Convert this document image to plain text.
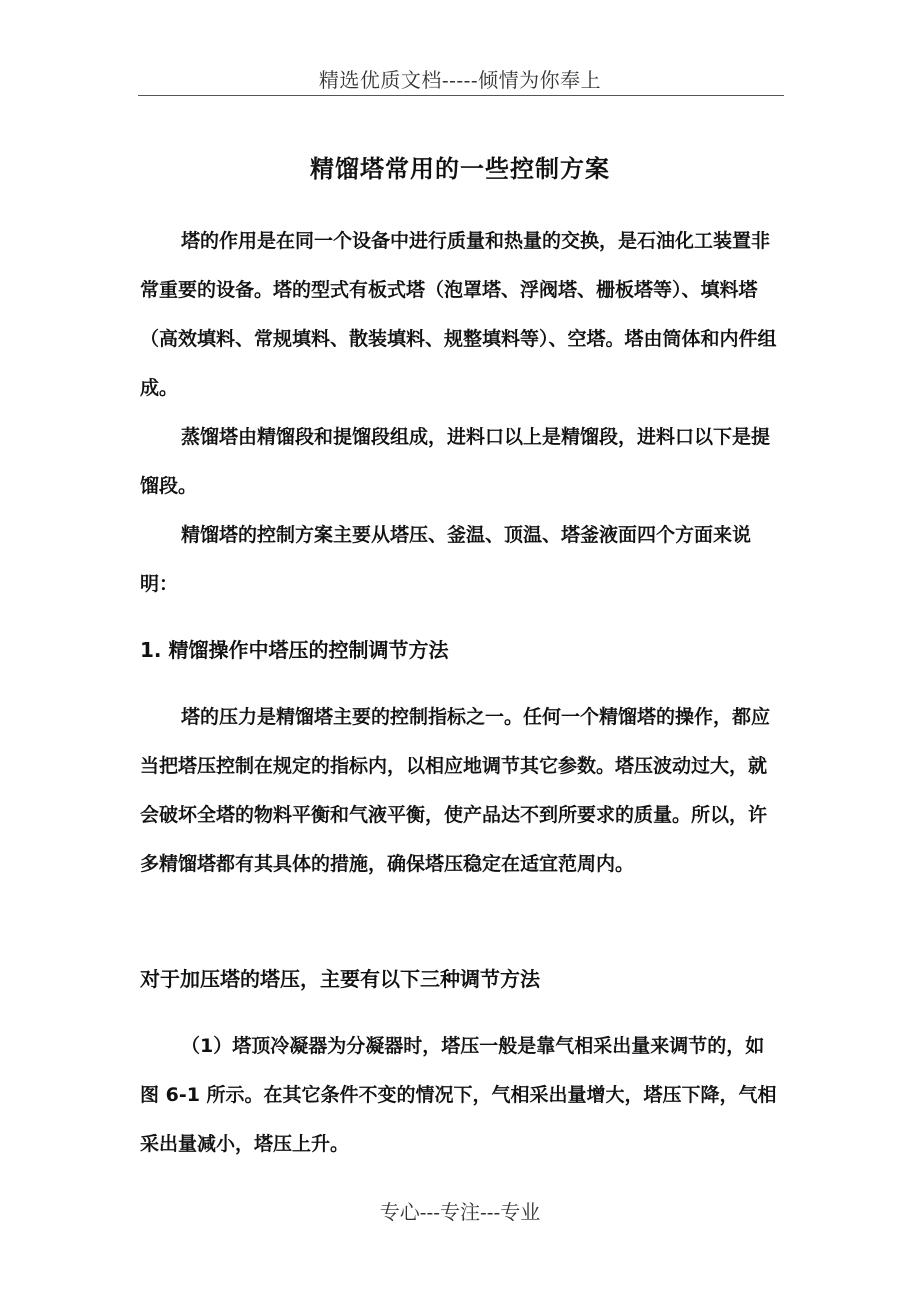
精选优质文档-----倾情为你奉上
精馏塔常用的一些控制方案

塔的作用是在同一个设备中进行质量和热量的交换，是石油化工装置非常重要的设备。塔的型式有板式塔（泡罩塔、浮阀塔、栅板塔等）、填料塔（高效填料、常规填料、散装填料、规整填料等）、空塔。塔由筒体和内件组成。

蒸馏塔由精馏段和提馏段组成，进料口以上是精馏段，进料口以下是提馏段。

精馏塔的控制方案主要从塔压、釜温、顶温、塔釜液面四个方面来说明：

1. 精馏操作中塔压的控制调节方法

塔的压力是精馏塔主要的控制指标之一。任何一个精馏塔的操作，都应当把塔压控制在规定的指标内，以相应地调节其它参数。塔压波动过大，就会破坏全塔的物料平衡和气液平衡，使产品达不到所要求的质量。所以，许多精馏塔都有其具体的措施，确保塔压稳定在适宜范周内。

对于加压塔的塔压，主要有以下三种调节方法

（1）塔顶冷凝器为分凝器时，塔压一般是靠气相采出量来调节的，如图 6-1 所示。在其它条件不变的情况下，气相采出量增大，塔压下降，气相采出量减小，塔压上升。

专心---专注---专业
